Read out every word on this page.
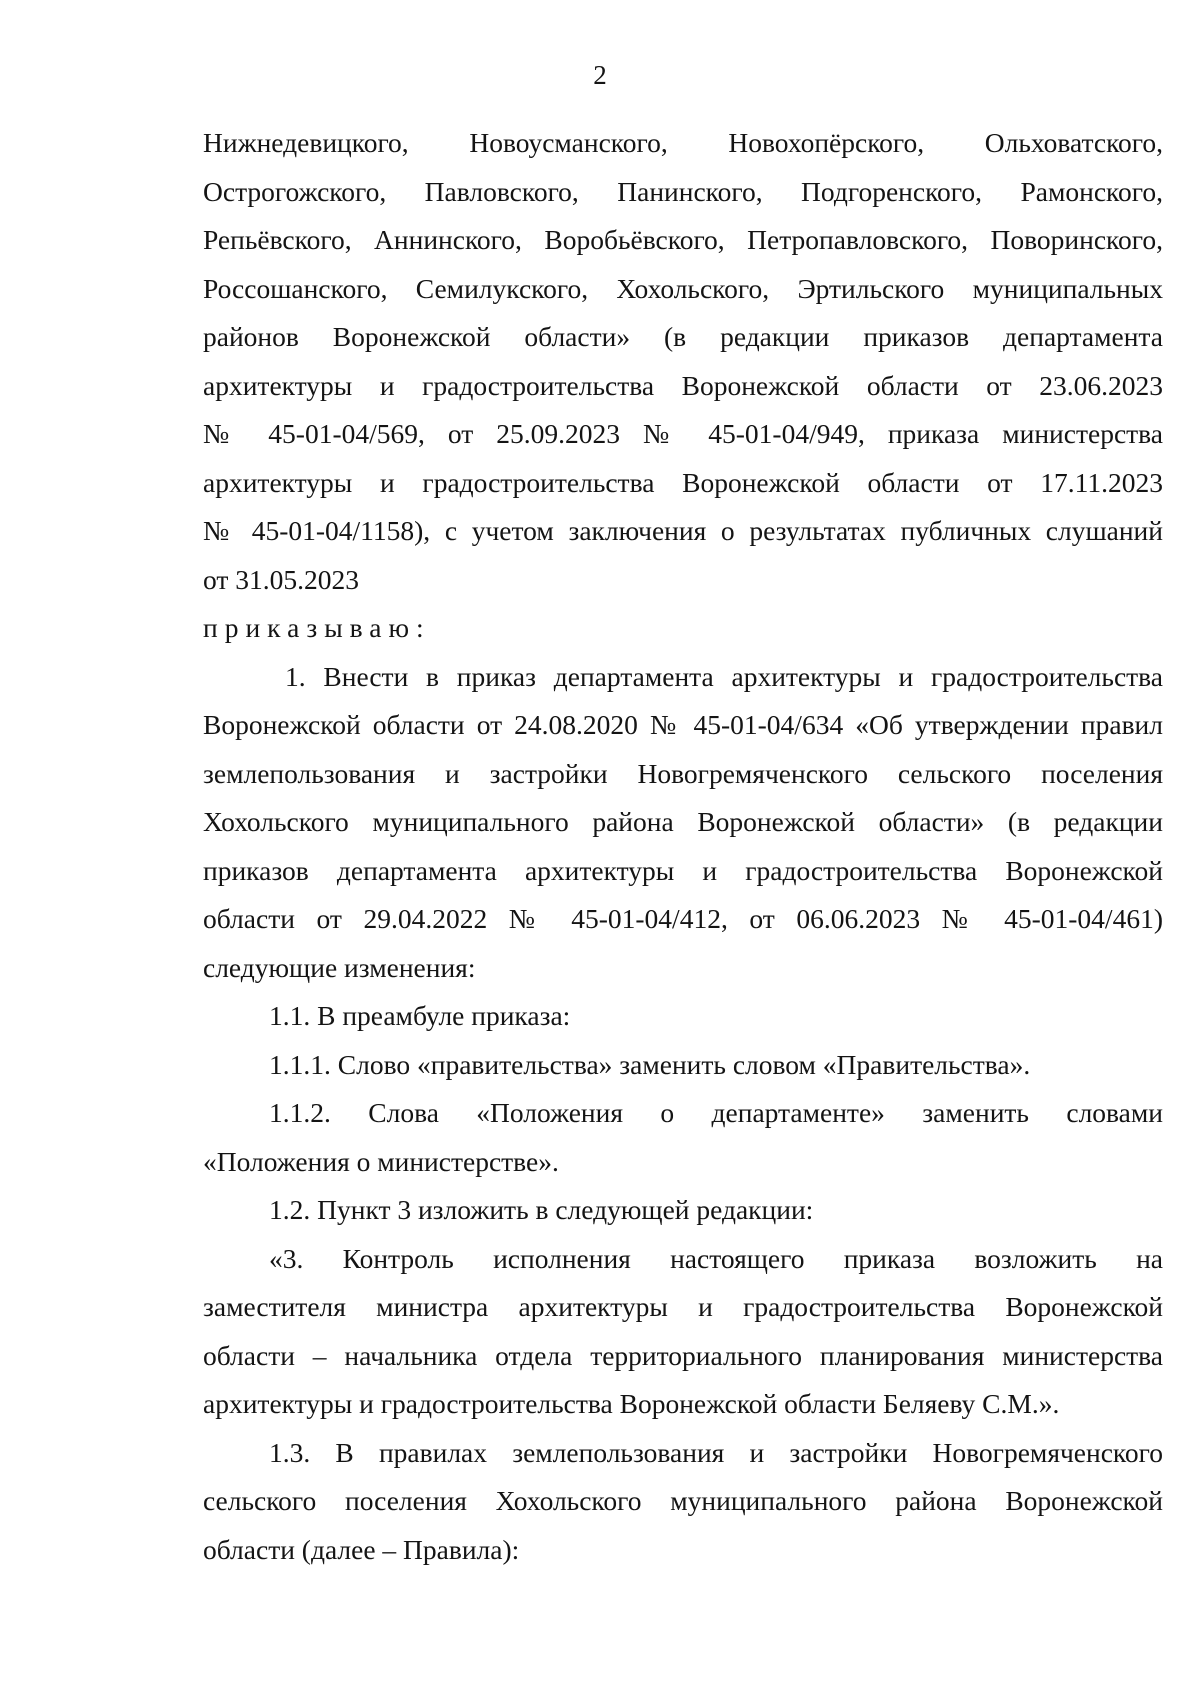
2
Нижнедевицкого, Новоусманского, Новохопёрского, Ольховатского,
Острогожского, Павловского, Панинского, Подгоренского, Рамонского,
Репьёвского, Аннинского, Воробьёвского, Петропавловского, Поворинского,
Россошанского, Семилукского, Хохольского, Эртильского муниципальных
районов Воронежской области» (в редакции приказов департамента
архитектуры и градостроительства Воронежской области от 23.06.2023
№ 45-01-04/569, от 25.09.2023 № 45-01-04/949, приказа министерства
архитектуры и градостроительства Воронежской области от 17.11.2023
№ 45-01-04/1158), с учетом заключения о результатах публичных слушаний
от 31.05.2023
приказываю:
1. Внести в приказ департамента архитектуры и градостроительства
Воронежской области от 24.08.2020 № 45-01-04/634 «Об утверждении правил
землепользования и застройки Новогремяченского сельского поселения
Хохольского муниципального района Воронежской области» (в редакции
приказов департамента архитектуры и градостроительства Воронежской
области от 29.04.2022 № 45-01-04/412, от 06.06.2023 № 45-01-04/461)
следующие изменения:
1.1. В преамбуле приказа:
1.1.1. Слово «правительства» заменить словом «Правительства».
1.1.2. Слова «Положения о департаменте» заменить словами
«Положения о министерстве».
1.2. Пункт 3 изложить в следующей редакции:
«3. Контроль исполнения настоящего приказа возложить на
заместителя министра архитектуры и градостроительства Воронежской
области – начальника отдела территориального планирования министерства
архитектуры и градостроительства Воронежской области Беляеву С.М.».
1.3. В правилах землепользования и застройки Новогремяченского
сельского поселения Хохольского муниципального района Воронежской
области (далее – Правила):
